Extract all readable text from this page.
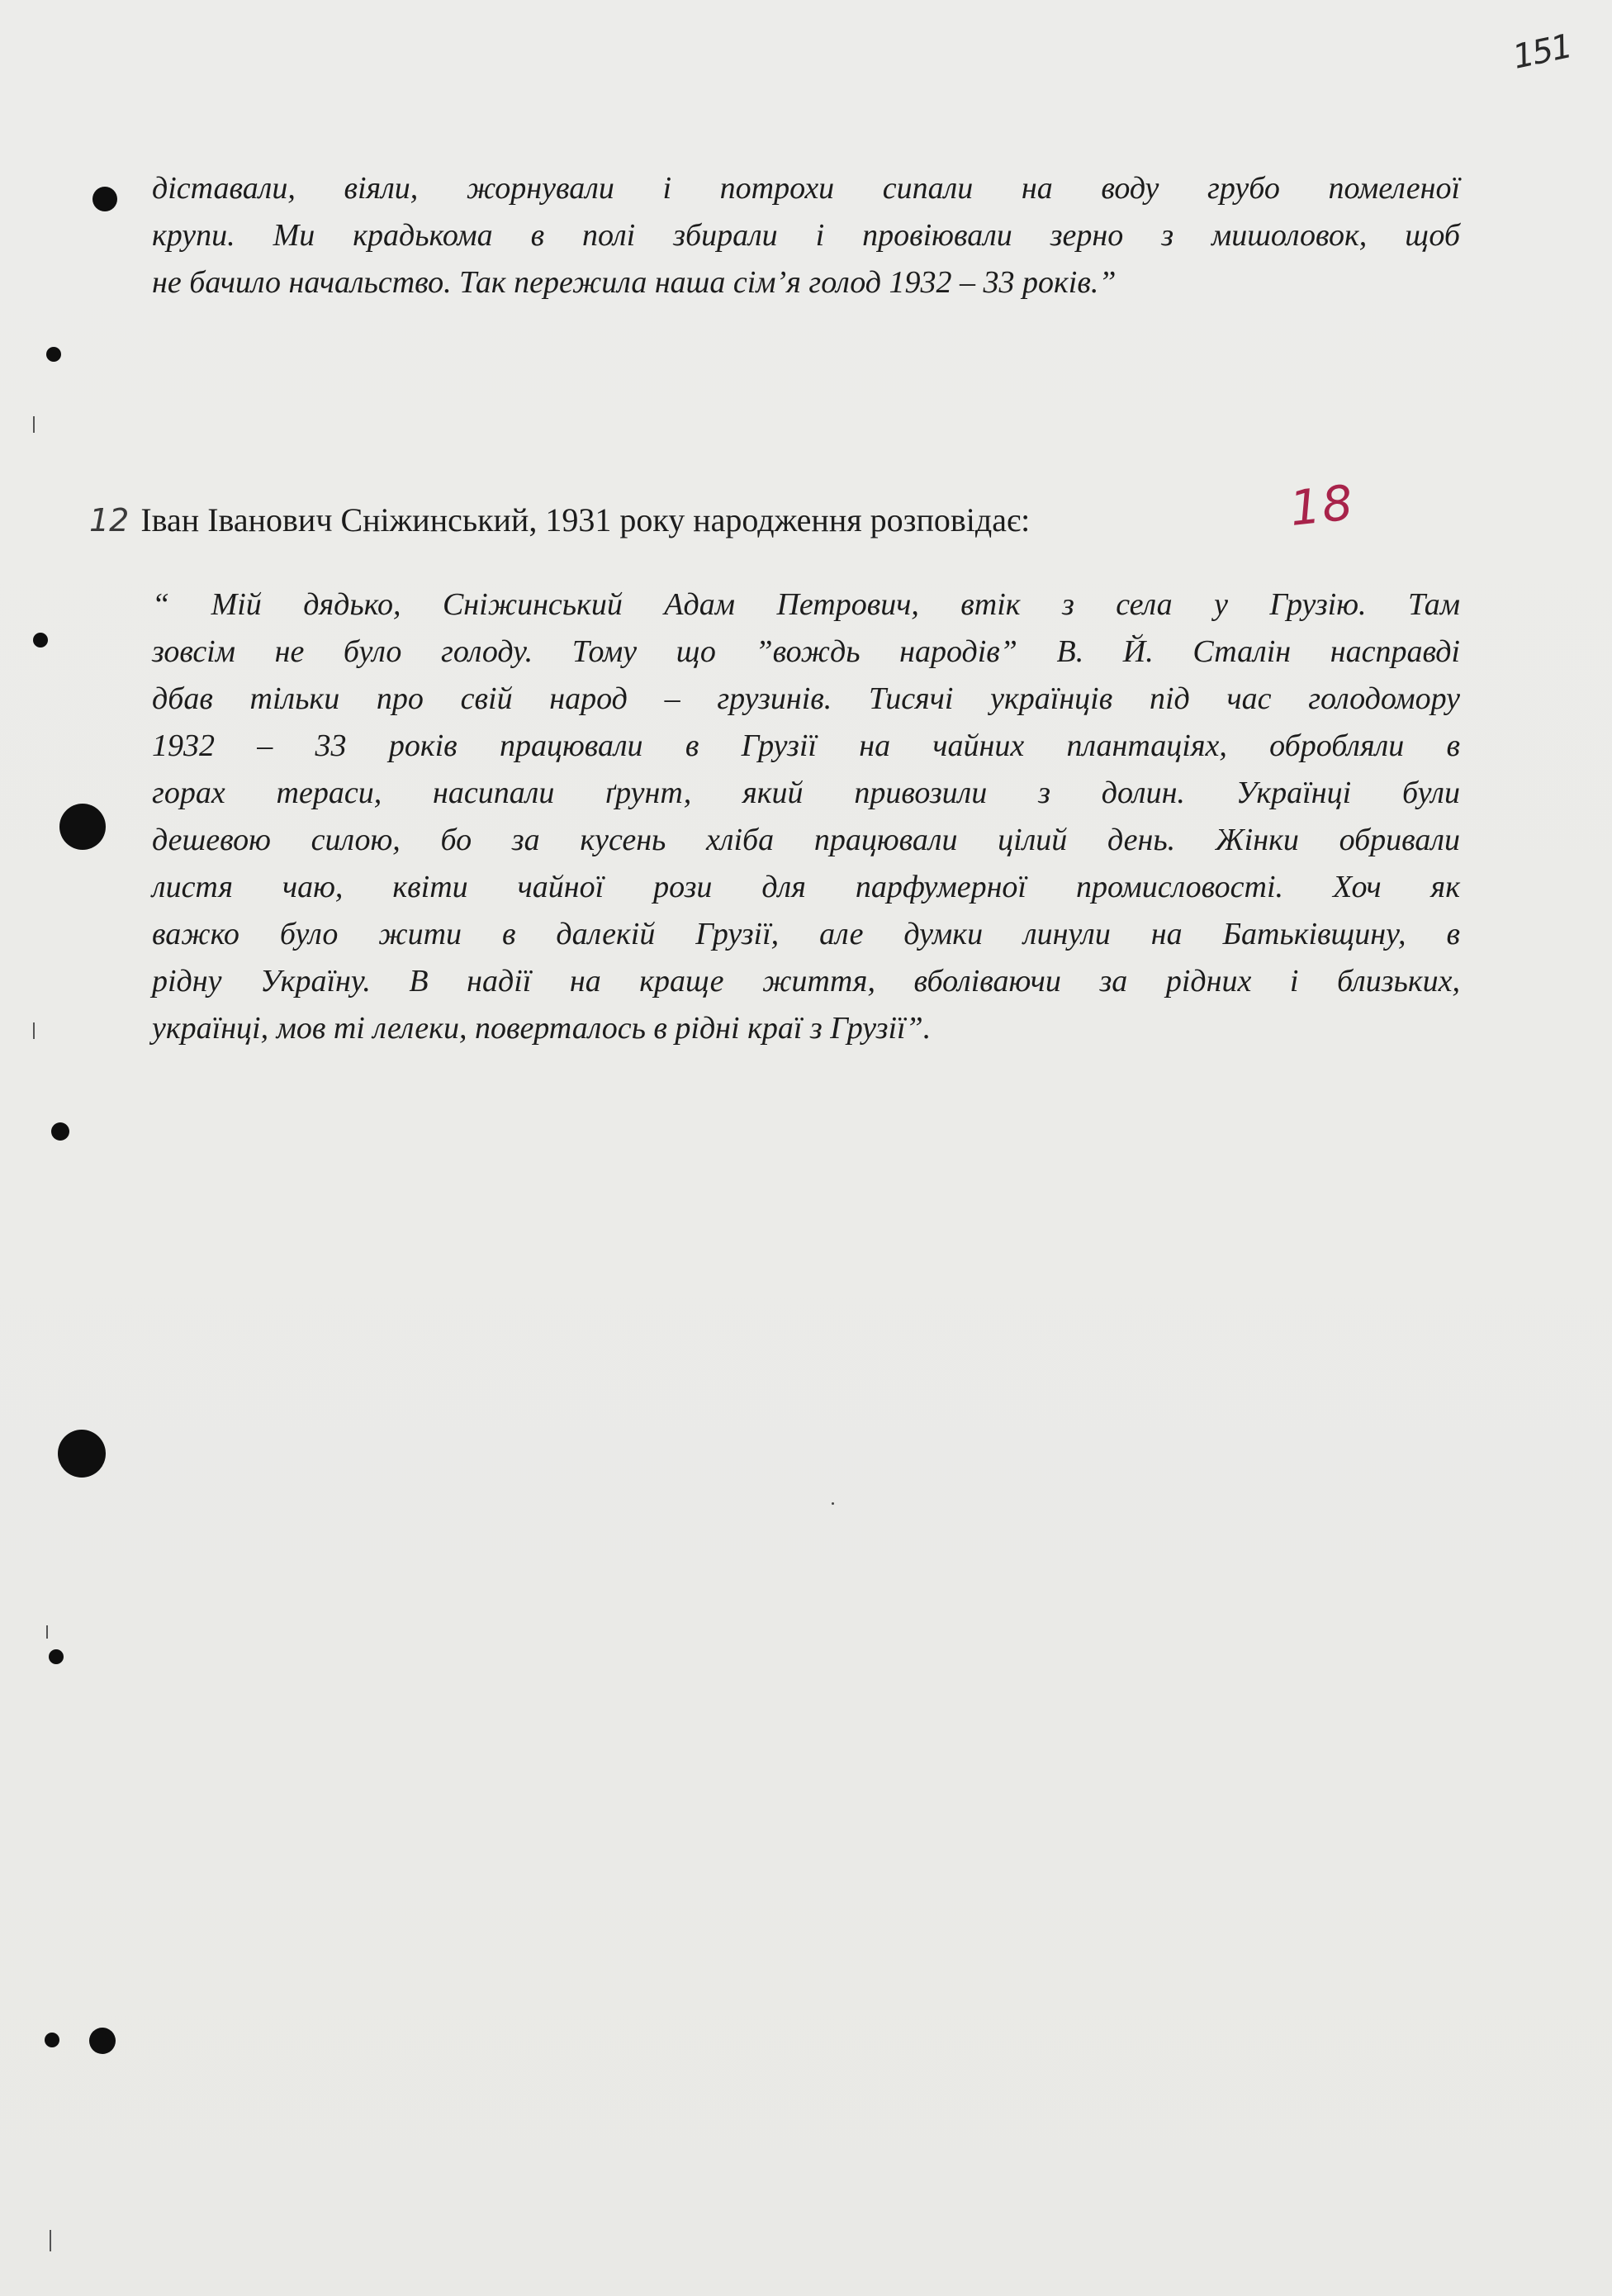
151
дiставали, вiяли, жорнували i потрохи сипали на воду грубо помеленої
крупи. Ми крадькома в полi збирали i провiювали зерно з мишоловок, щоб
не бачило начальство. Так пережила наша сiм’я голод 1932 – 33 рокiв.”
12 Iван Iванович Снiжинський, 1931 року народження розповiдає:	18
“ Мiй дядько, Снiжинський Адам Петрович, втiк з села у Грузiю. Там
зовсiм не було голоду. Тому що ”вождь народiв” В. Й. Сталiн насправдi
дбав тiльки про свiй народ – грузинiв. Тисячi українцiв пiд час голодомору
1932 – 33 рокiв працювали в Грузiї на чайних плантацiях, обробляли в
горах тераси, насипали ґрунт, який привозили з долин. Українцi були
дешевою силою, бо за кусень хлiба працювали цiлий день. Жiнки обривали
листя чаю, квiти чайної рози для парфумерної промисловостi. Хоч як
важко було жити в далекiй Грузiї, але думки линули на Батькiвщину, в
рiдну Україну. В надiї на краще життя, вболiваючи за рiдних i близьких,
українцi, мов тi лелеки, поверталось в рiднi краї з Грузiї”.
